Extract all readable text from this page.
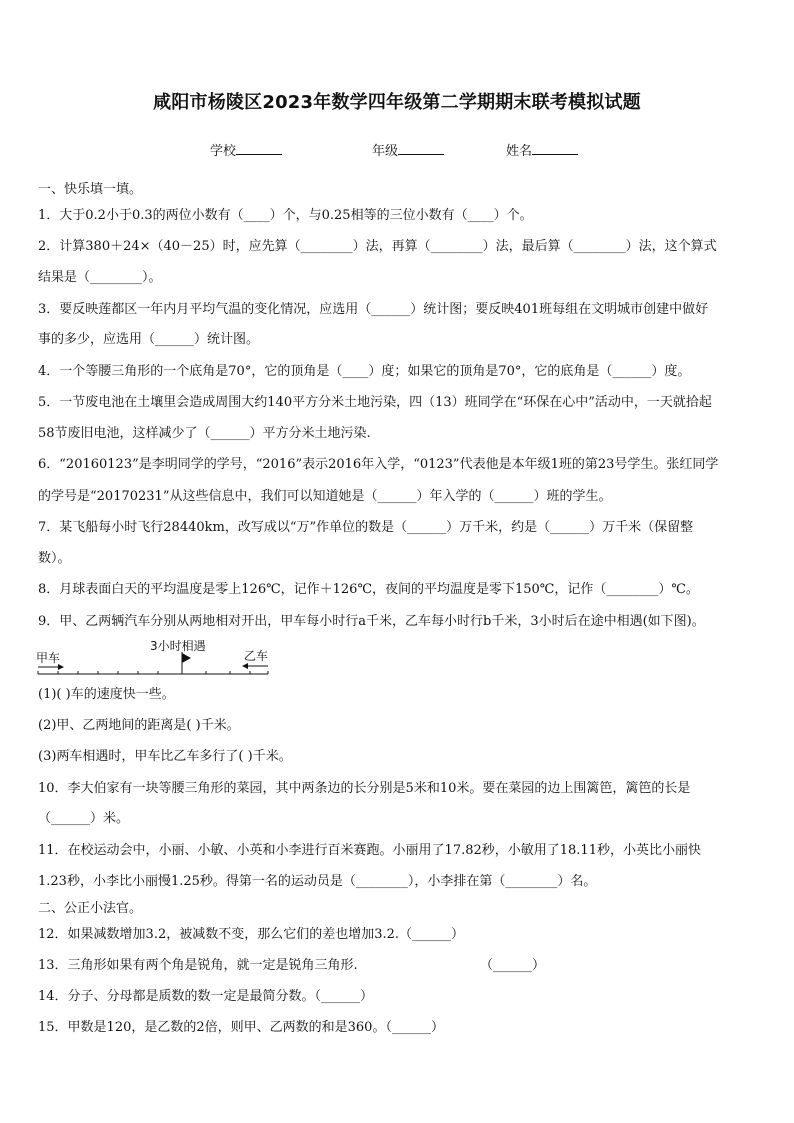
咸阳市杨陵区2023年数学四年级第二学期期末联考模拟试题
学校	年级	姓名
一、快乐填一填。
1．大于0.2小于0.3的两位小数有（____）个，与0.25相等的三位小数有（____）个。
2．计算380＋24×（40－25）时，应先算（________）法，再算（________）法，最后算（________）法，这个算式
结果是（________）。
3．要反映莲都区一年内月平均气温的变化情况，应选用（______）统计图；要反映401班每组在文明城市创建中做好
事的多少，应选用（______）统计图。
4．一个等腰三角形的一个底角是70°，它的顶角是（____）度；如果它的顶角是70°，它的底角是（______）度。
5．一节废电池在土壤里会造成周围大约140平方分米土地污染，四（13）班同学在“环保在心中”活动中，一天就拾起
58节废旧电池，这样减少了（______）平方分米土地污染.
6．“20160123”是李明同学的学号，“2016”表示2016年入学，“0123”代表他是本年级1班的第23号学生。张红同学
的学号是“20170231”从这些信息中，我们可以知道她是（______）年入学的（______）班的学生。
7．某飞船每小时飞行28440km，改写成以“万”作单位的数是（______）万千米，约是（______）万千米（保留整
数）。
8．月球表面白天的平均温度是零上126℃，记作＋126℃，夜间的平均温度是零下150℃，记作（________）℃。
9．甲、乙两辆汽车分别从两地相对开出，甲车每小时行a千米，乙车每小时行b千米，3小时后在途中相遇(如下图)。
3小时相遇
甲车	乙车
(1)( )车的速度快一些。
(2)甲、乙两地间的距离是( )千米。
(3)两车相遇时，甲车比乙车多行了( )千米。
10．李大伯家有一块等腰三角形的菜园，其中两条边的长分别是5米和10米。要在菜园的边上围篱笆，篱笆的长是
（______）米。
11．在校运动会中，小丽、小敏、小英和小李进行百米赛跑。小丽用了17.82秒，小敏用了18.11秒，小英比小丽快
1.23秒，小李比小丽慢1.25秒。得第一名的运动员是（________），小李排在第（________）名。
二、公正小法官。
12．如果减数增加3.2，被减数不变，那么它们的差也增加3.2.（______）
13．三角形如果有两个角是锐角，就一定是锐角三角形.	（______）
14．分子、分母都是质数的数一定是最简分数。（______）
15．甲数是120，是乙数的2倍，则甲、乙两数的和是360。（______）
